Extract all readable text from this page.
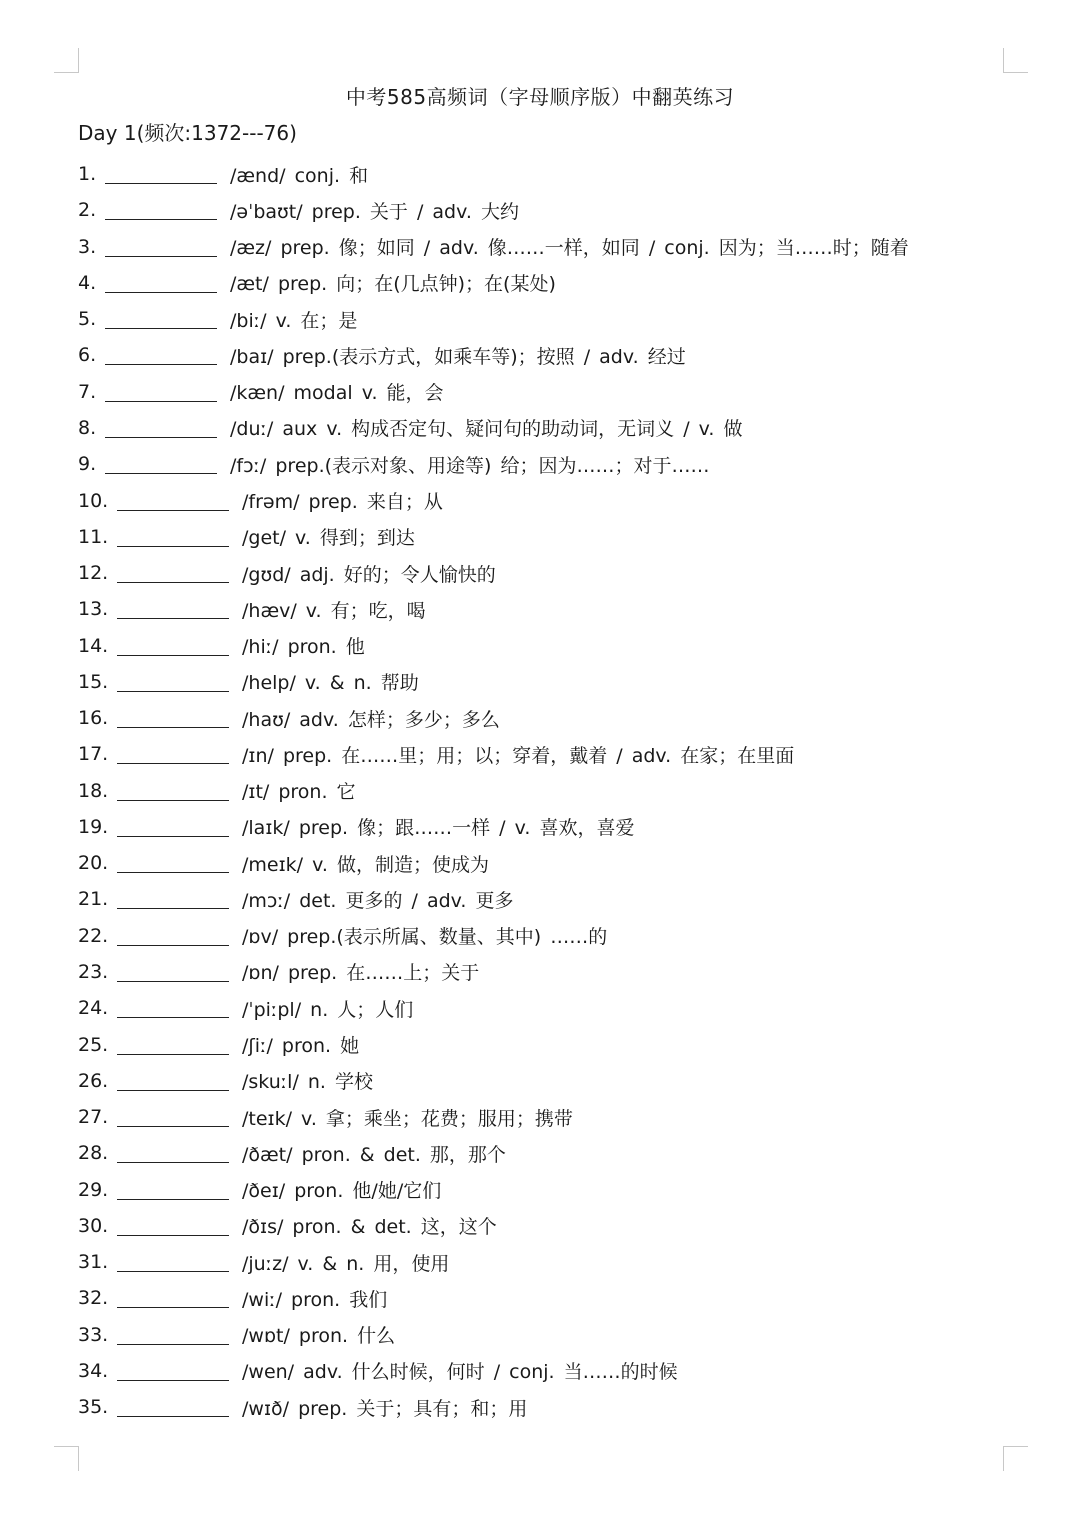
中考585高频词（字母顺序版）中翻英练习
Day 1(频次:1372---76)
1.	/ænd/ conj. 和
2.	/əˈbaʊt/ prep. 关于 / adv. 大约
3.	/æz/ prep. 像；如同 / adv. 像……一样，如同 / conj. 因为；当……时；随着
4.	/æt/ prep. 向；在(几点钟)；在(某处)
5.	/biː/ v. 在；是
6.	/baɪ/ prep.(表示方式，如乘车等)；按照 / adv. 经过
7.	/kæn/ modal v. 能，会
8.	/duː/ aux v. 构成否定句、疑问句的助动词，无词义 / v. 做
9.	/fɔː/ prep.(表示对象、用途等) 给；因为……；对于……
10.	/frəm/ prep. 来自；从
11.	/get/ v. 得到；到达
12.	/gʊd/ adj. 好的；令人愉快的
13.	/hæv/ v. 有；吃，喝
14.	/hiː/ pron. 他
15.	/help/ v. & n. 帮助
16.	/haʊ/ adv. 怎样；多少；多么
17.	/ɪn/ prep. 在……里；用；以；穿着，戴着 / adv. 在家；在里面
18.	/ɪt/ pron. 它
19.	/laɪk/ prep. 像；跟……一样 / v. 喜欢，喜爱
20.	/meɪk/ v. 做，制造；使成为
21.	/mɔː/ det. 更多的 / adv. 更多
22.	/ɒv/ prep.(表示所属、数量、其中) ……的
23.	/ɒn/ prep. 在……上；关于
24.	/ˈpiːpl/ n. 人；人们
25.	/ʃiː/ pron. 她
26.	/skuːl/ n. 学校
27.	/teɪk/ v. 拿；乘坐；花费；服用；携带
28.	/ðæt/ pron. & det. 那，那个
29.	/ðeɪ/ pron. 他/她/它们
30.	/ðɪs/ pron. & det. 这，这个
31.	/juːz/ v. & n. 用，使用
32.	/wiː/ pron. 我们
33.	/wɒt/ pron. 什么
34.	/wen/ adv. 什么时候，何时 / conj. 当……的时候
35.	/wɪð/ prep. 关于；具有；和；用
